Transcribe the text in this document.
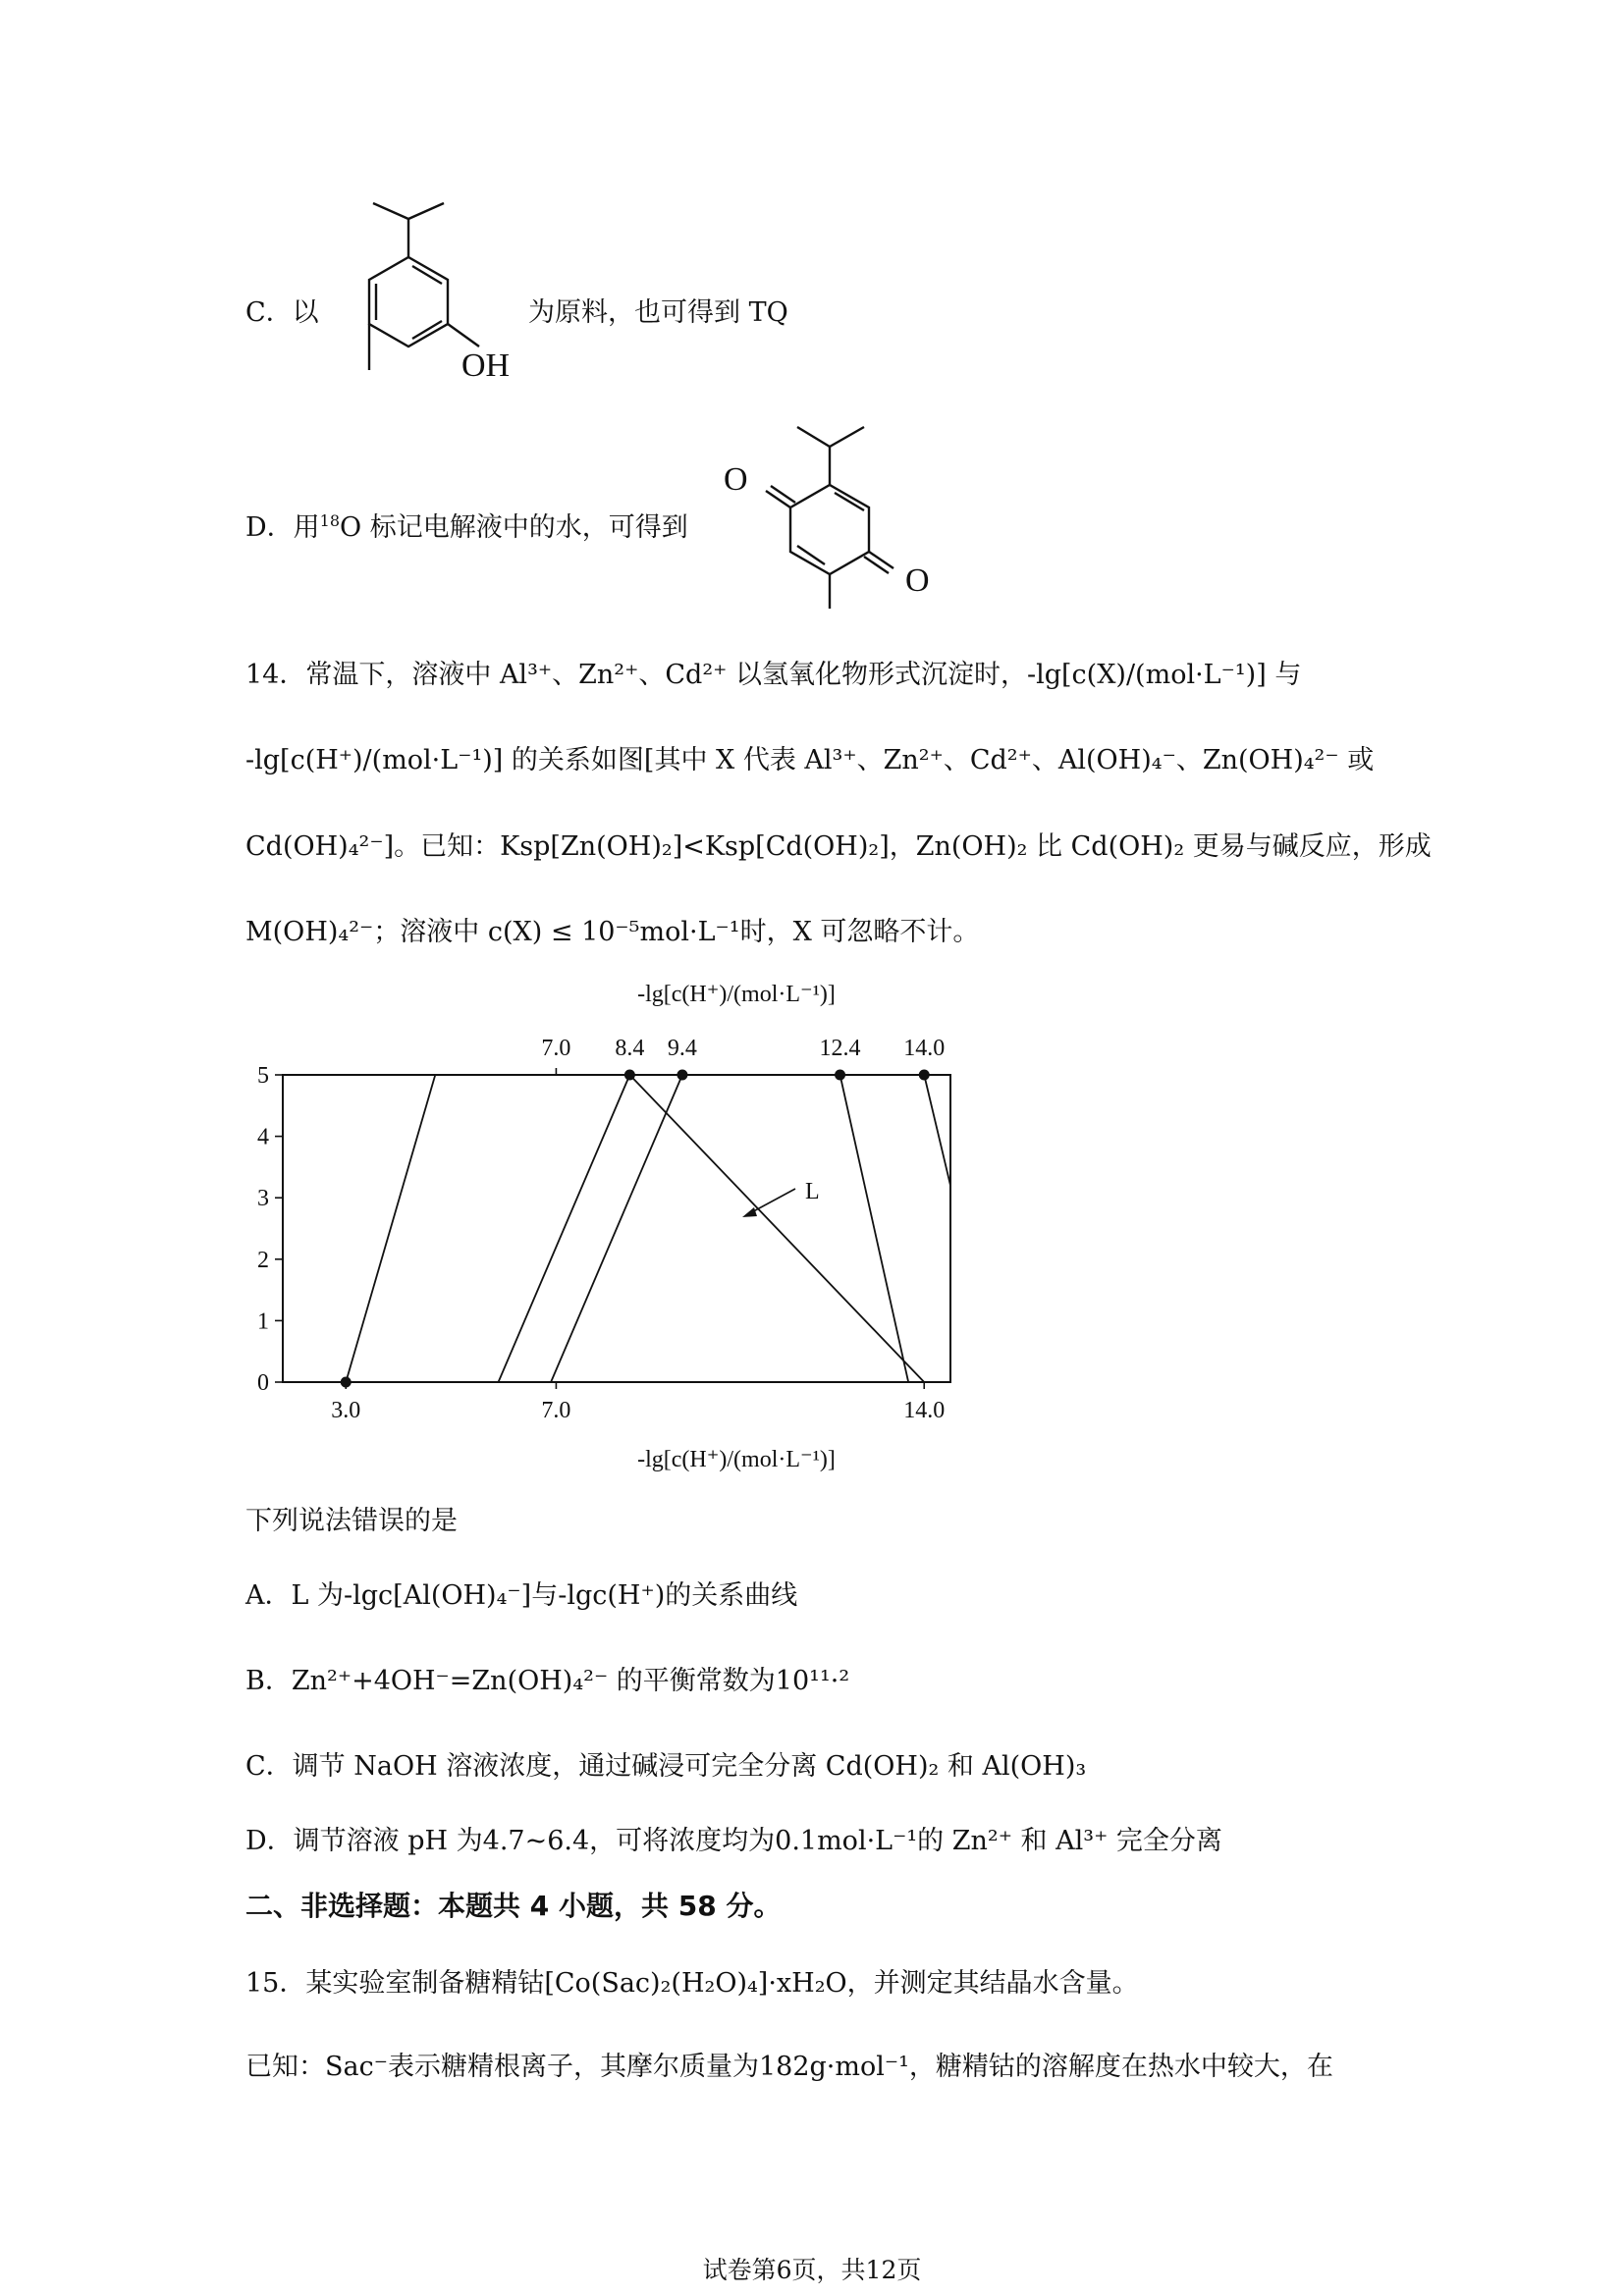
C．以
OH
为原料，也可得到 TQ
D．用$^{18}$O 标记电解液中的水，可得到
O
O
14．常温下，溶液中 Al³⁺、Zn²⁺、Cd²⁺ 以氢氧化物形式沉淀时，-lg[c(X)/(mol·L⁻¹)] 与
-lg[c(H⁺)/(mol·L⁻¹)] 的关系如图[其中 X 代表 Al³⁺、Zn²⁺、Cd²⁺、Al(OH)₄⁻、Zn(OH)₄²⁻ 或
Cd(OH)₄²⁻]。已知：Ksp[Zn(OH)₂]<Ksp[Cd(OH)₂]，Zn(OH)₂ 比 Cd(OH)₂ 更易与碱反应，形成
M(OH)₄²⁻；溶液中 c(X) ≤ 10⁻⁵mol·L⁻¹时，X 可忽略不计。
-lg[c(H⁺)/(mol·L⁻¹)]
-lg[c(H⁺)/(mol·L⁻¹)]
L
0
1
2
3
4
5
3.0	7.0	14.0
7.0 8.4 9.4	12.4 14.0
下列说法错误的是
A．L 为-lgc[Al(OH)₄⁻]与-lgc(H⁺)的关系曲线
B．Zn²⁺+4OH⁻=Zn(OH)₄²⁻ 的平衡常数为10¹¹·²
C．调节 NaOH 溶液浓度，通过碱浸可完全分离 Cd(OH)₂ 和 Al(OH)₃
D．调节溶液 pH 为4.7~6.4，可将浓度均为0.1mol·L⁻¹的 Zn²⁺ 和 Al³⁺ 完全分离
二、非选择题：本题共 4 小题，共 58 分。
15．某实验室制备糖精钴[Co(Sac)₂(H₂O)₄]·xH₂O，并测定其结晶水含量。
已知：Sac⁻表示糖精根离子，其摩尔质量为182g·mol⁻¹，糖精钴的溶解度在热水中较大，在
试卷第6页，共12页
